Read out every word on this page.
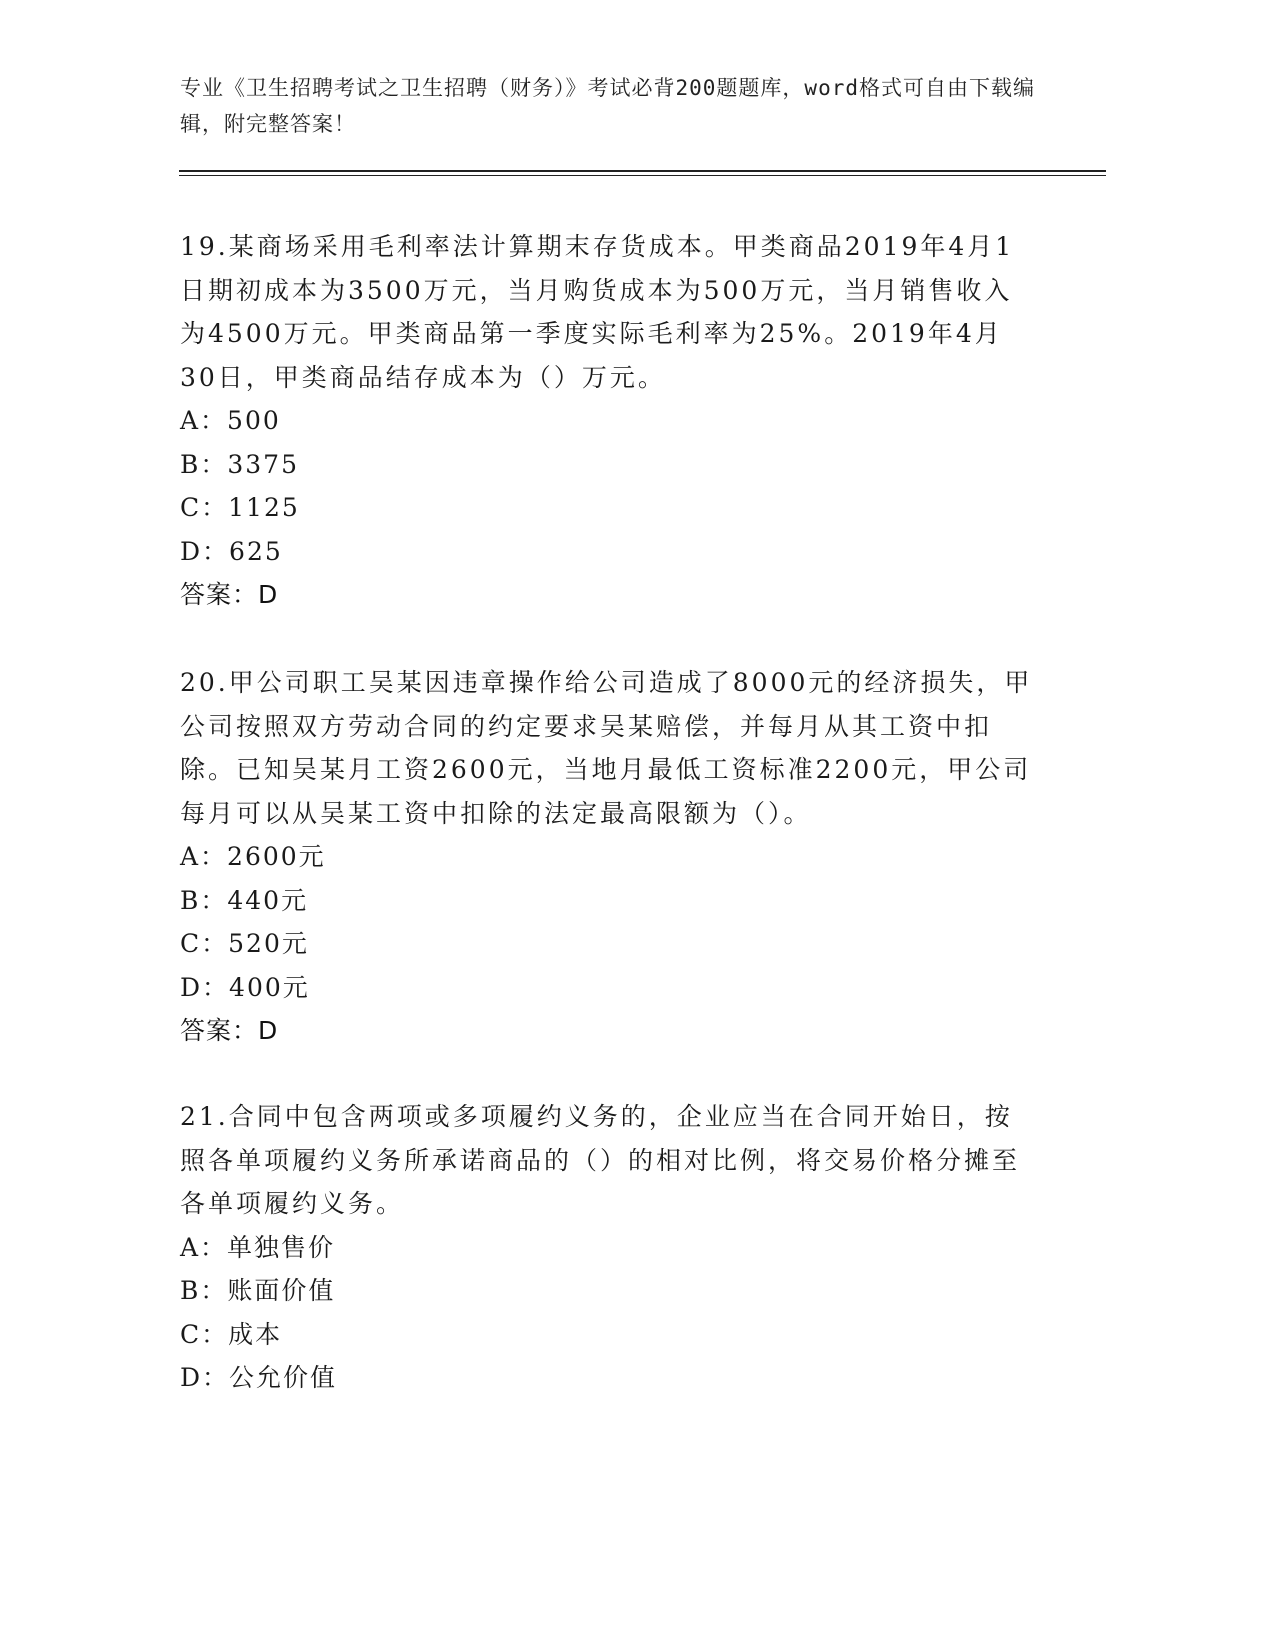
专业《卫生招聘考试之卫生招聘（财务）》考试必背200题题库，word格式可自由下载编辑，附完整答案！

19.某商场采用毛利率法计算期末存货成本。甲类商品2019年4月1日期初成本为3500万元，当月购货成本为500万元，当月销售收入为4500万元。甲类商品第一季度实际毛利率为25%。2019年4月30日，甲类商品结存成本为（）万元。

A：500
B：3375
C：1125
D：625
答案：D

20.甲公司职工吴某因违章操作给公司造成了8000元的经济损失，甲公司按照双方劳动合同的约定要求吴某赔偿，并每月从其工资中扣除。已知吴某月工资2600元，当地月最低工资标准2200元，甲公司每月可以从吴某工资中扣除的法定最高限额为（）。

A：2600元
B：440元
C：520元
D：400元
答案：D

21.合同中包含两项或多项履约义务的，企业应当在合同开始日，按照各单项履约义务所承诺商品的（）的相对比例，将交易价格分摊至各单项履约义务。

A：单独售价
B：账面价值
C：成本
D：公允价值
